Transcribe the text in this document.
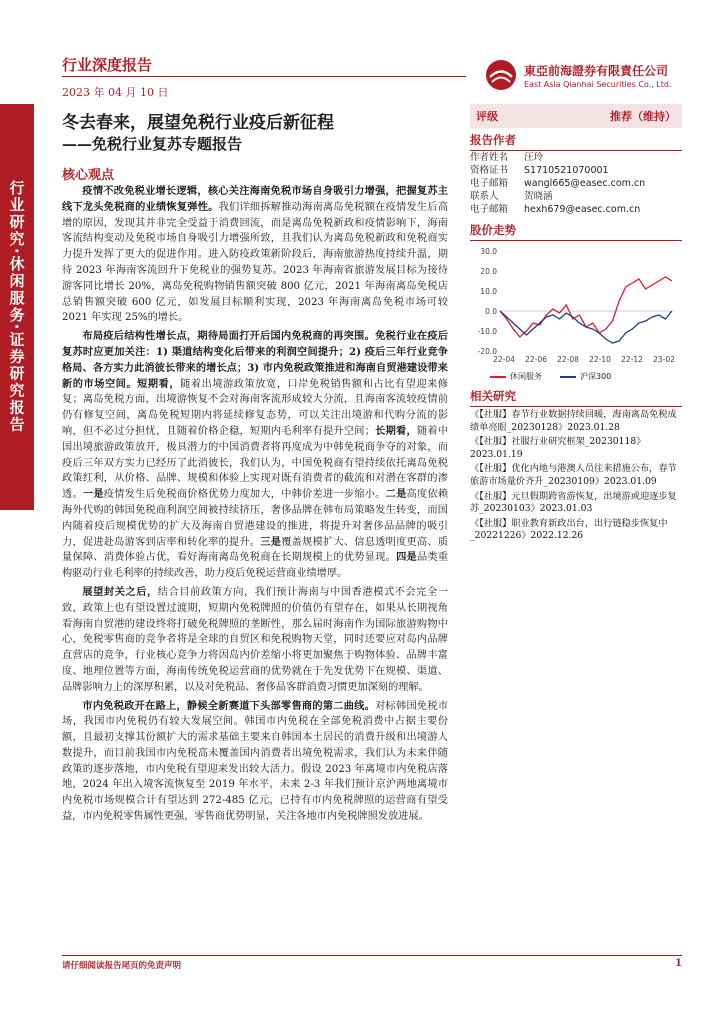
行业研究·休闲服务·证券研究报告
行业深度报告
2023 年 04 月 10 日
東亞前海證券有限責任公司
East Asia Qianhai Securities Co., Ltd.
冬去春来，展望免税行业疫后新征程
——免税行业复苏专题报告
核心观点

疫情不改免税业增长逻辑，核心关注海南免税市场自身吸引力增强，把握复苏主线下龙头免税商的业绩恢复弹性。我们详细拆解推动海南离岛免税额在疫情发生后高增的原因，发现其并非完全受益于消费回流，而是离岛免税新政和疫情影响下，海南客流结构变动及免税市场自身吸引力增强所致，且我们认为离岛免税新政和免税商实力提升发挥了更大的促进作用。进入防疫政策新阶段后，海南旅游热度持续升温，期待 2023 年海南客流回升下免税业的强势复苏。2023 年海南省旅游发展目标为接待游客同比增长 20%，离岛免税购物销售额突破 800 亿元，2021 年海南离岛免税店总销售额突破 600 亿元，如发展目标顺利实现，2023 年海南离岛免税市场可较 2021 年实现 25%的增长。

布局疫后结构性增长点，期待局面打开后国内免税商的再突围。免税行业在疫后复苏时应更加关注：1) 渠道结构变化后带来的利润空间提升；2) 疫后三年行业竞争格局、各方实力此消彼长带来的增长点；3) 市内免税政策推进和海南自贸港建设带来新的市场空间。短期看，随着出境游政策放宽，口岸免税销售额和占比有望迎来修复；离岛免税方面，出境游恢复不会对海南客流形成较大分流，且海南客流较疫情前仍有修复空间，离岛免税短期内将延续修复态势，可以关注出境游和代购分流的影响，但不必过分担忧，且随着价格企稳，短期内毛利率有提升空间；长期看，随着中国出境旅游政策放开，极具潜力的中国消费者将再度成为中韩免税商争夺的对象，而疫后三年双方实力已经历了此消彼长，我们认为，中国免税商有望持续依托离岛免税政策红利，从价格、品牌、规模和体验上实现对既有消费者的截流和对潜在客群的渗透。一是疫情发生后免税商价格优势力度加大，中韩价差进一步缩小。二是高度依赖海外代购的韩国免税商利润空间被持续挤压，奢侈品牌在韩布局策略发生转变，而国内随着疫后规模优势的扩大及海南自贸港建设的推进，将提升对奢侈品品牌的吸引力，促进赴岛游客到店率和转化率的提升。三是覆盖规模扩大、信息透明度更高、质量保障、消费体验占优，看好海南离岛免税商在长期规模上的优势显现。四是品类重构驱动行业毛利率的持续改善，助力疫后免税运营商业绩增厚。

展望封关之后，结合目前政策方向，我们预计海南与中国香港模式不会完全一致，政策上也有望设置过渡期，短期内免税牌照的价值仍有望存在，如果从长期视角看海南自贸港的建设终将打破免税牌照的垄断性，那么届时海南作为国际旅游购物中心，免税零售商的竞争者将是全球的自贸区和免税购物天堂，同时还要应对岛内品牌直营店的竞争，行业核心竞争力将因岛内价差缩小将更加聚焦于购物体验、品牌丰富度、地理位置等方面，海南传统免税运营商的优势就在于先发优势下在规模、渠道、品牌影响力上的深厚积累，以及对免税品、奢侈品客群消费习惯更加深刻的理解。

市内免税政开在路上，静候全新赛道下头部零售商的第二曲线。对标韩国免税市场，我国市内免税仍有较大发展空间。韩国市内免税在全部免税消费中占据主要份额，且最初支撑其份额扩大的需求基础主要来自韩国本土居民的消费升级和出境游人数提升，而目前我国市内免税高未覆盖国内消费者出境免税需求，我们认为未来伴随政策的逐步落地，市内免税有望迎来发出较大活力。假设 2023 年离境市内免税店落地，2024 年出入境客流恢复至 2019 年水平，未来 2-3 年我们预计京沪两地离境市内免税市场规模合计有望达到 272-485 亿元，已持有市内免税牌照的运营商有望受益，市内免税零售属性更强，零售商优势明显，关注各地市内免税牌照发放进展。

评级	推荐（维持）
报告作者
作者姓名	汪玲
资格证书	S1710521070001
电子邮箱	wangl665@easec.com.cn
联系人	贺晓涵
电子邮箱	hexh679@easec.com.cn
股价走势
30.0
20.0
10.0
0.0
-10.0
-20.0
22-04 22-06 22-08 22-10 22-12 23-02
休闲服务	沪深300
相关研究
《【社服】春节行业数据持续回暖，海南离岛免税成绩单亮眼_20230128》2023.01.28
《【社服】社服行业研究框架_20230118》2023.01.19
《【社服】优化内地与港澳人员往来措施公布，春节旅游市场量价齐升_20230109》2023.01.09
《【社服】元旦假期跨省游恢复，出境游或迎逐步复苏_20230103》2023.01.03
《【社服】职业教育新政出台，出行链稳步恢复中_20221226》2022.12.26
请仔细阅读报告尾页的免责声明	1
